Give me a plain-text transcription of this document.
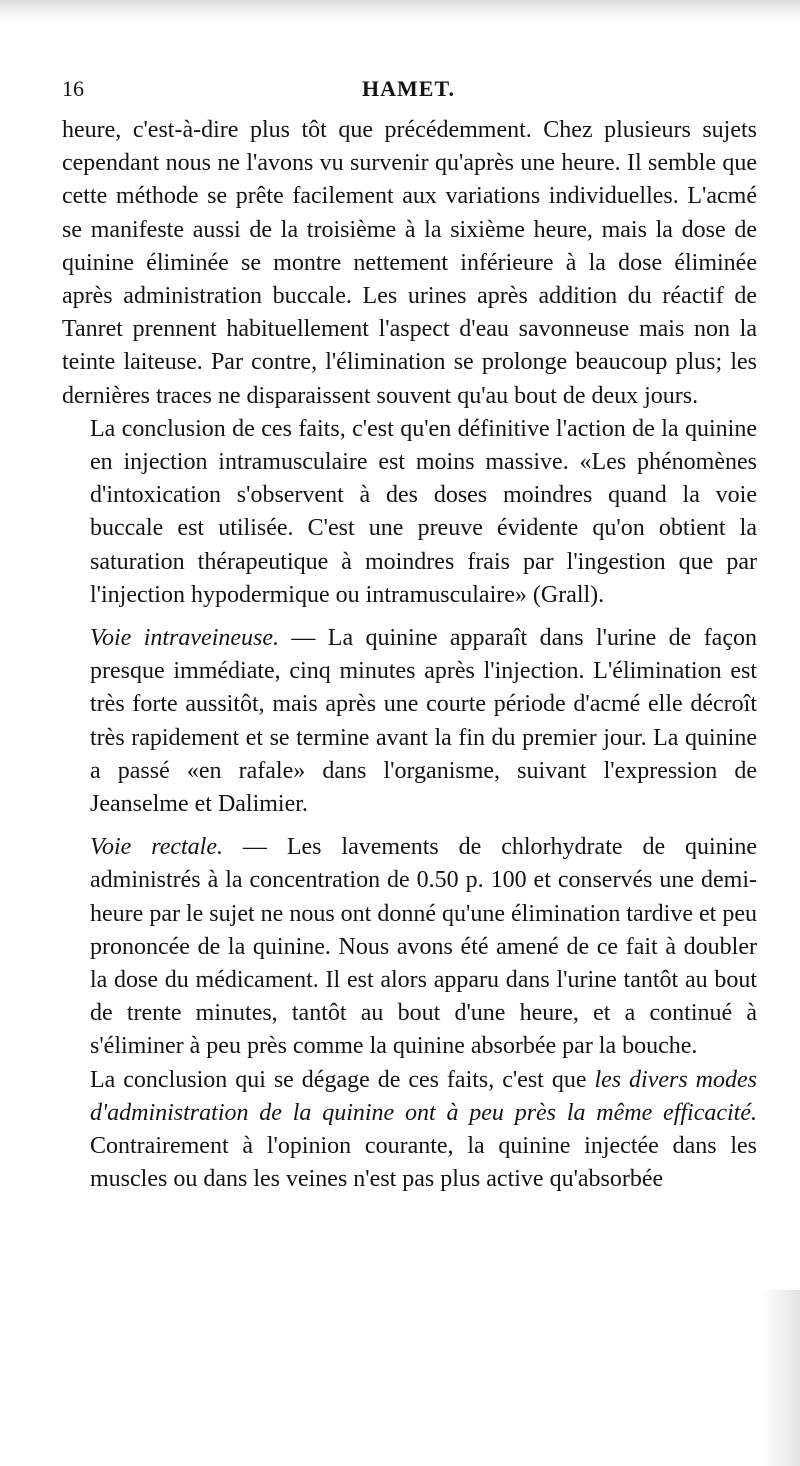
16	HAMET.

heure, c'est-à-dire plus tôt que précédemment. Chez plusieurs sujets cependant nous ne l'avons vu survenir qu'après une heure. Il semble que cette méthode se prête facilement aux variations individuelles. L'acmé se manifeste aussi de la troisième à la sixième heure, mais la dose de quinine éliminée se montre nettement inférieure à la dose éliminée après administration buccale. Les urines après addition du réactif de Tanret prennent habituellement l'aspect d'eau savonneuse mais non la teinte laiteuse. Par contre, l'élimination se prolonge beaucoup plus; les dernières traces ne disparaissent souvent qu'au bout de deux jours.

La conclusion de ces faits, c'est qu'en définitive l'action de la quinine en injection intramusculaire est moins massive. «Les phénomènes d'intoxication s'observent à des doses moindres quand la voie buccale est utilisée. C'est une preuve évidente qu'on obtient la saturation thérapeutique à moindres frais par l'ingestion que par l'injection hypodermique ou intramusculaire» (Grall).

Voie intraveineuse. — La quinine apparaît dans l'urine de façon presque immédiate, cinq minutes après l'injection. L'élimination est très forte aussitôt, mais après une courte période d'acmé elle décroît très rapidement et se termine avant la fin du premier jour. La quinine a passé «en rafale» dans l'organisme, suivant l'expression de Jeanselme et Dalimier.

Voie rectale. — Les lavements de chlorhydrate de quinine administrés à la concentration de 0.50 p. 100 et conservés une demi-heure par le sujet ne nous ont donné qu'une élimination tardive et peu prononcée de la quinine. Nous avons été amené de ce fait à doubler la dose du médicament. Il est alors apparu dans l'urine tantôt au bout de trente minutes, tantôt au bout d'une heure, et a continué à s'éliminer à peu près comme la quinine absorbée par la bouche.

La conclusion qui se dégage de ces faits, c'est que les divers modes d'administration de la quinine ont à peu près la même efficacité. Contrairement à l'opinion courante, la quinine injectée dans les muscles ou dans les veines n'est pas plus active qu'absorbée
